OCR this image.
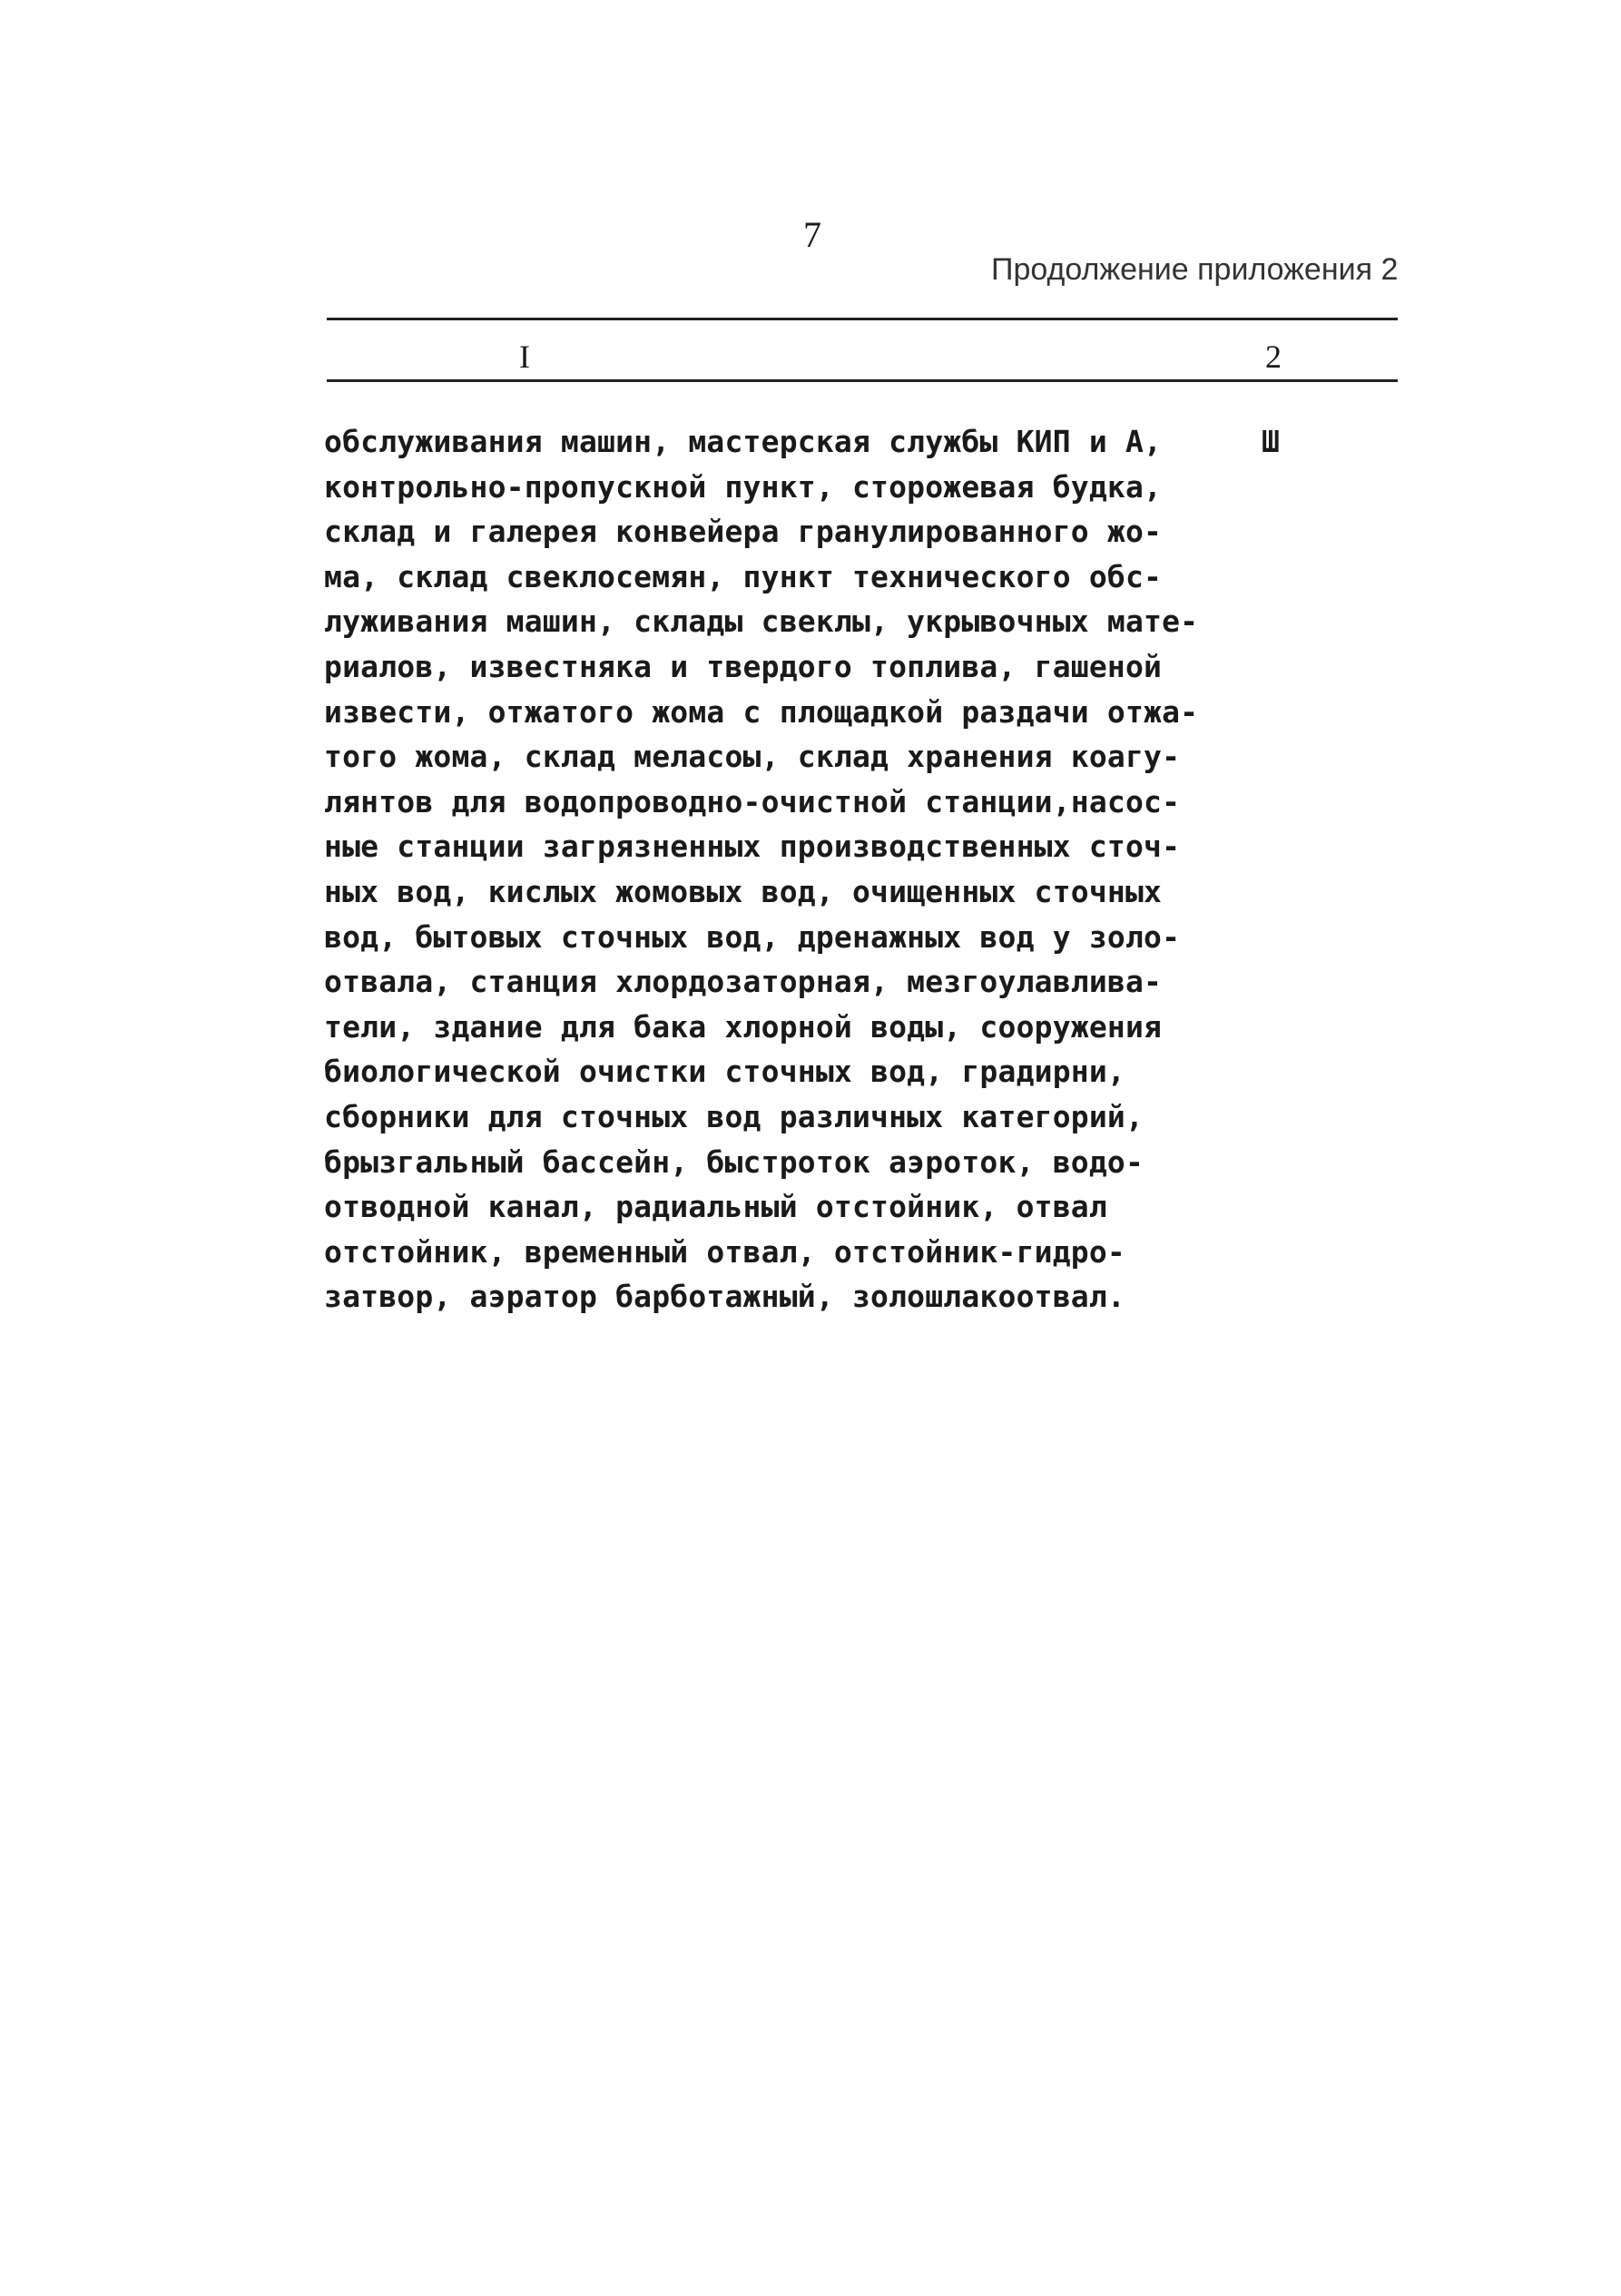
7
Продолжение приложения 2
I	2
обслуживания машин, мастерская службы КИП и А,
контрольно-пропускной пункт, сторожевая будка,
склад и галерея конвейера гранулированного жо-
ма, склад свеклосемян, пункт технического обс-
луживания машин, склады свеклы, укрывочных мате-
риалов, известняка и твердого топлива, гашеной
извести, отжатого жома с площадкой раздачи отжа-
того жома, склад меласоы, склад хранения коагу-
лянтов для водопроводно-очистной станции,насос-
ные станции загрязненных производственных сточ-
ных вод, кислых жомовых вод, очищенных сточных
вод, бытовых сточных вод, дренажных вод у золо-
отвала, станция хлордозаторная, мезгоулавлива-
тели, здание для бака хлорной воды, сооружения
биологической очистки сточных вод, градирни,
сборники для сточных вод различных категорий,
брызгальный бассейн, быстроток аэроток, водо-
отводной канал, радиальный отстойник, отвал
отстойник, временный отвал, отстойник-гидро-
затвор, аэратор барботажный, золошлакоотвал.
Ш
